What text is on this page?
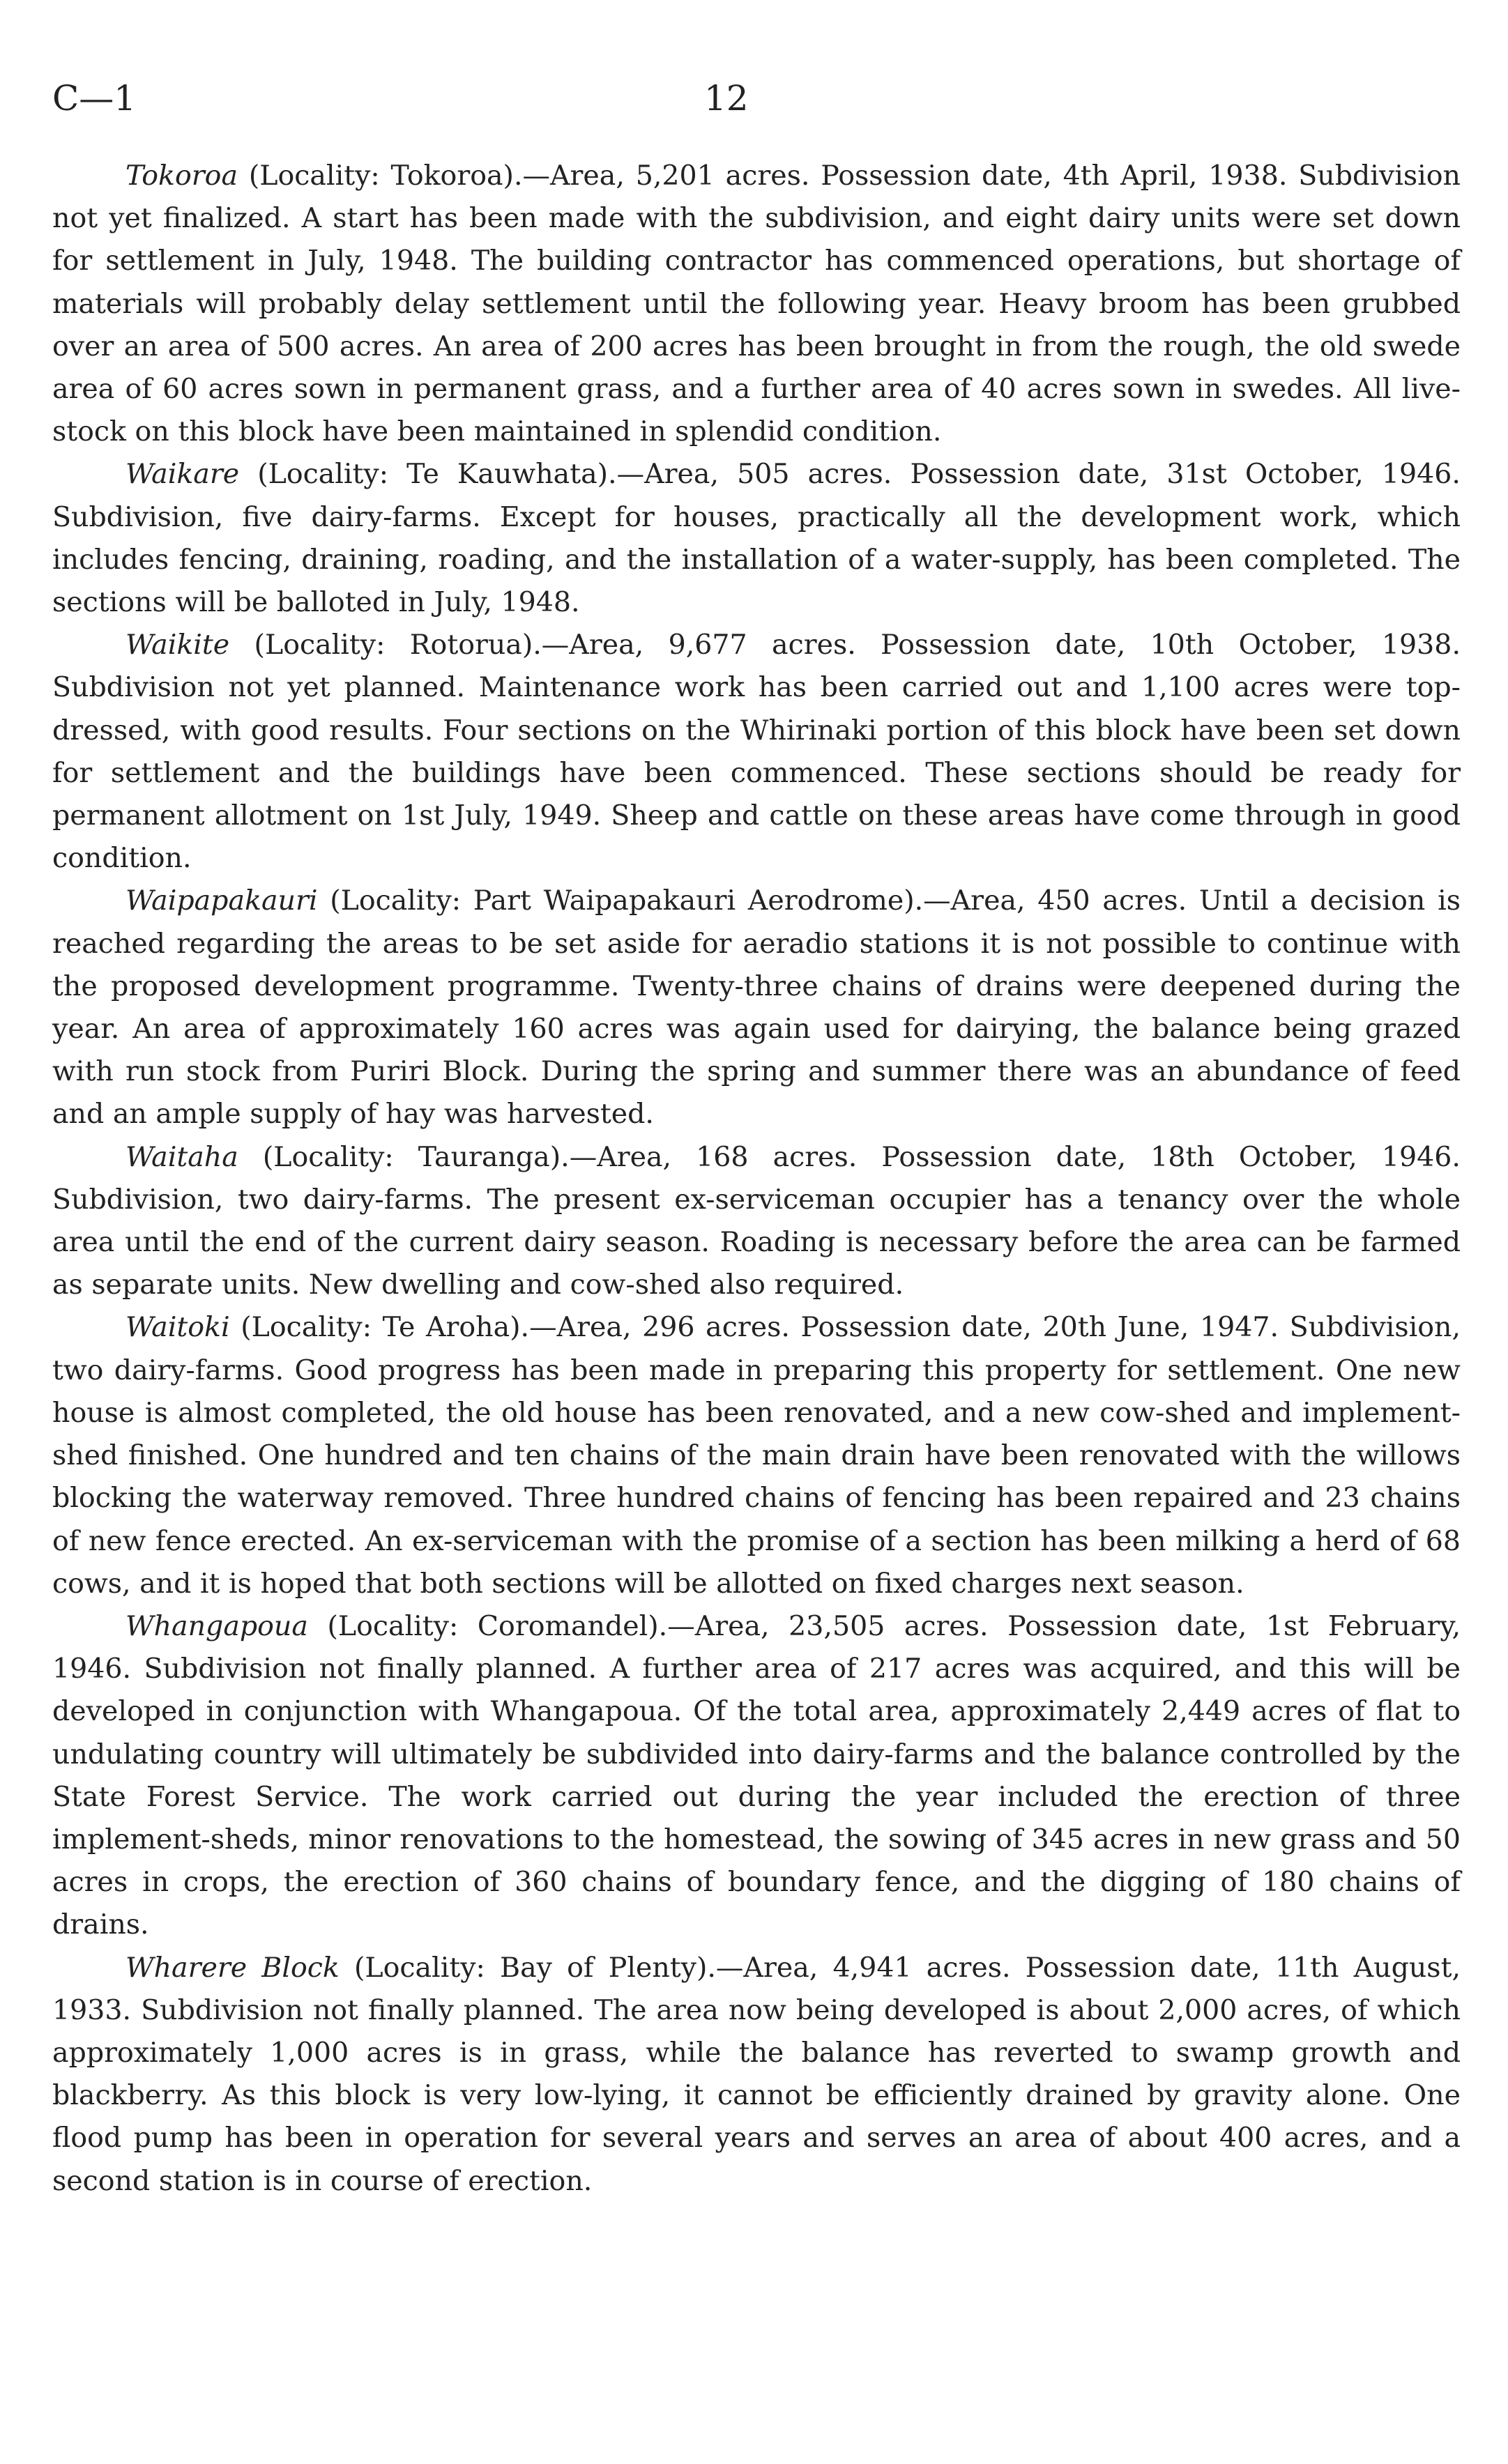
C—1	12

Tokoroa (Locality: Tokoroa).—Area, 5,201 acres. Possession date, 4th April, 1938. Subdivision not yet finalized. A start has been made with the subdivision, and eight dairy units were set down for settlement in July, 1948. The building contractor has commenced operations, but shortage of materials will probably delay settlement until the following year. Heavy broom has been grubbed over an area of 500 acres. An area of 200 acres has been brought in from the rough, the old swede area of 60 acres sown in permanent grass, and a further area of 40 acres sown in swedes. All live-stock on this block have been maintained in splendid condition.

Waikare (Locality: Te Kauwhata).—Area, 505 acres. Possession date, 31st October, 1946. Subdivision, five dairy-farms. Except for houses, practically all the development work, which includes fencing, draining, roading, and the installation of a water-supply, has been completed. The sections will be balloted in July, 1948.

Waikite (Locality: Rotorua).—Area, 9,677 acres. Possession date, 10th October, 1938. Subdivision not yet planned. Maintenance work has been carried out and 1,100 acres were top-dressed, with good results. Four sections on the Whirinaki portion of this block have been set down for settlement and the buildings have been commenced. These sections should be ready for permanent allotment on 1st July, 1949. Sheep and cattle on these areas have come through in good condition.

Waipapakauri (Locality: Part Waipapakauri Aerodrome).—Area, 450 acres. Until a decision is reached regarding the areas to be set aside for aeradio stations it is not possible to continue with the proposed development programme. Twenty-three chains of drains were deepened during the year. An area of approximately 160 acres was again used for dairying, the balance being grazed with run stock from Puriri Block. During the spring and summer there was an abundance of feed and an ample supply of hay was harvested.

Waitaha (Locality: Tauranga).—Area, 168 acres. Possession date, 18th October, 1946. Subdivision, two dairy-farms. The present ex-serviceman occupier has a tenancy over the whole area until the end of the current dairy season. Roading is necessary before the area can be farmed as separate units. New dwelling and cow-shed also required.

Waitoki (Locality: Te Aroha).—Area, 296 acres. Possession date, 20th June, 1947. Subdivision, two dairy-farms. Good progress has been made in preparing this property for settlement. One new house is almost completed, the old house has been renovated, and a new cow-shed and implement-shed finished. One hundred and ten chains of the main drain have been renovated with the willows blocking the waterway removed. Three hundred chains of fencing has been repaired and 23 chains of new fence erected. An ex-serviceman with the promise of a section has been milking a herd of 68 cows, and it is hoped that both sections will be allotted on fixed charges next season.

Whangapoua (Locality: Coromandel).—Area, 23,505 acres. Possession date, 1st February, 1946. Subdivision not finally planned. A further area of 217 acres was acquired, and this will be developed in conjunction with Whangapoua. Of the total area, approximately 2,449 acres of flat to undulating country will ultimately be subdivided into dairy-farms and the balance controlled by the State Forest Service. The work carried out during the year included the erection of three implement-sheds, minor renovations to the homestead, the sowing of 345 acres in new grass and 50 acres in crops, the erection of 360 chains of boundary fence, and the digging of 180 chains of drains.

Wharere Block (Locality: Bay of Plenty).—Area, 4,941 acres. Possession date, 11th August, 1933. Subdivision not finally planned. The area now being developed is about 2,000 acres, of which approximately 1,000 acres is in grass, while the balance has reverted to swamp growth and blackberry. As this block is very low-lying, it cannot be efficiently drained by gravity alone. One flood pump has been in operation for several years and serves an area of about 400 acres, and a second station is in course of erection.
